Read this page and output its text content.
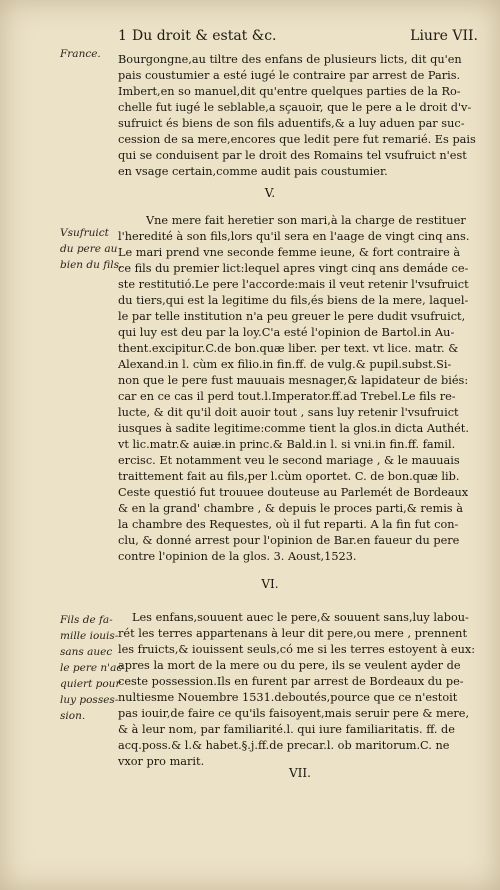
1 Du droit & estat &c.	Liure VII.
France.
Vsufruict
du pere au
bien du fils.
Fils de fa-
mille iouis-
sans auec
le pere n'ac
quiert pour
luy posses-
sion.
Bourgongne,au tiltre des enfans de plusieurs licts, dit qu'en
pais coustumier a esté iugé le contraire par arrest de Paris.
Imbert,en so manuel,dit qu'entre quelques parties de la Ro-
chelle fut iugé le seblable,a sçauoir, que le pere a le droit d'v-
sufruict és biens de son fils aduentifs,& a luy aduen par suc-
cession de sa mere,encores que ledit pere fut remarié. Es pais
qui se conduisent par le droit des Romains tel vsufruict n'est
en vsage certain,comme audit pais coustumier.
V.
Vne mere fait heretier son mari,à la charge de restituer
l'heredité à son fils,lors qu'il sera en l'aage de vingt cinq ans.
Le mari prend vne seconde femme ieune, & fort contraire à
ce fils du premier lict:lequel apres vingt cinq ans demáde ce-
ste restitutió.Le pere l'accorde:mais il veut retenir l'vsufruict
du tiers,qui est la legitime du fils,és biens de la mere, laquel-
le par telle institution n'a peu greuer le pere dudit vsufruict,
qui luy est deu par la loy.C'a esté l'opinion de Bartol.in Au-
thent.excipitur.C.de bon.quæ liber. per text. vt lice. matr. &
Alexand.in l. cùm ex filio.in fin.ff. de vulg.& pupil.subst.Si-
non que le pere fust mauuais mesnager,& lapidateur de biés:
car en ce cas il perd tout.l.Imperator.ff.ad Trebel.Le fils re-
lucte, & dit qu'il doit auoir tout , sans luy retenir l'vsufruict
iusques à sadite legitime:comme tient la glos.in dicta Authét.
vt lic.matr.& auiæ.in princ.& Bald.in l. si vni.in fin.ff. famil.
ercisc. Et notamment veu le second mariage , & le mauuais
traittement fait au fils,per l.cùm oportet. C. de bon.quæ lib.
Ceste questió fut trouuee douteuse au Parlemét de Bordeaux
& en la grand' chambre , & depuis le proces parti,& remis à
la chambre des Requestes, où il fut reparti. A la fin fut con-
clu, & donné arrest pour l'opinion de Bar.en faueur du pere
contre l'opinion de la glos. 3. Aoust,1523.
VI.
Les enfans,souuent auec le pere,& souuent sans,luy labou-
rét les terres appartenans à leur dit pere,ou mere , prennent
les fruicts,& iouissent seuls,có me si les terres estoyent à eux:
apres la mort de la mere ou du pere, ils se veulent ayder de
ceste possession.Ils en furent par arrest de Bordeaux du pe-
nultiesme Nouembre 1531.deboutés,pource que ce n'estoit
pas iouir,de faire ce qu'ils faisoyent,mais seruir pere & mere,
& à leur nom, par familiarité.l. qui iure familiaritatis. ff. de
acq.poss.& l.& habet.§.j.ff.de precar.l. ob maritorum.C. ne
vxor pro marit.
VII.
